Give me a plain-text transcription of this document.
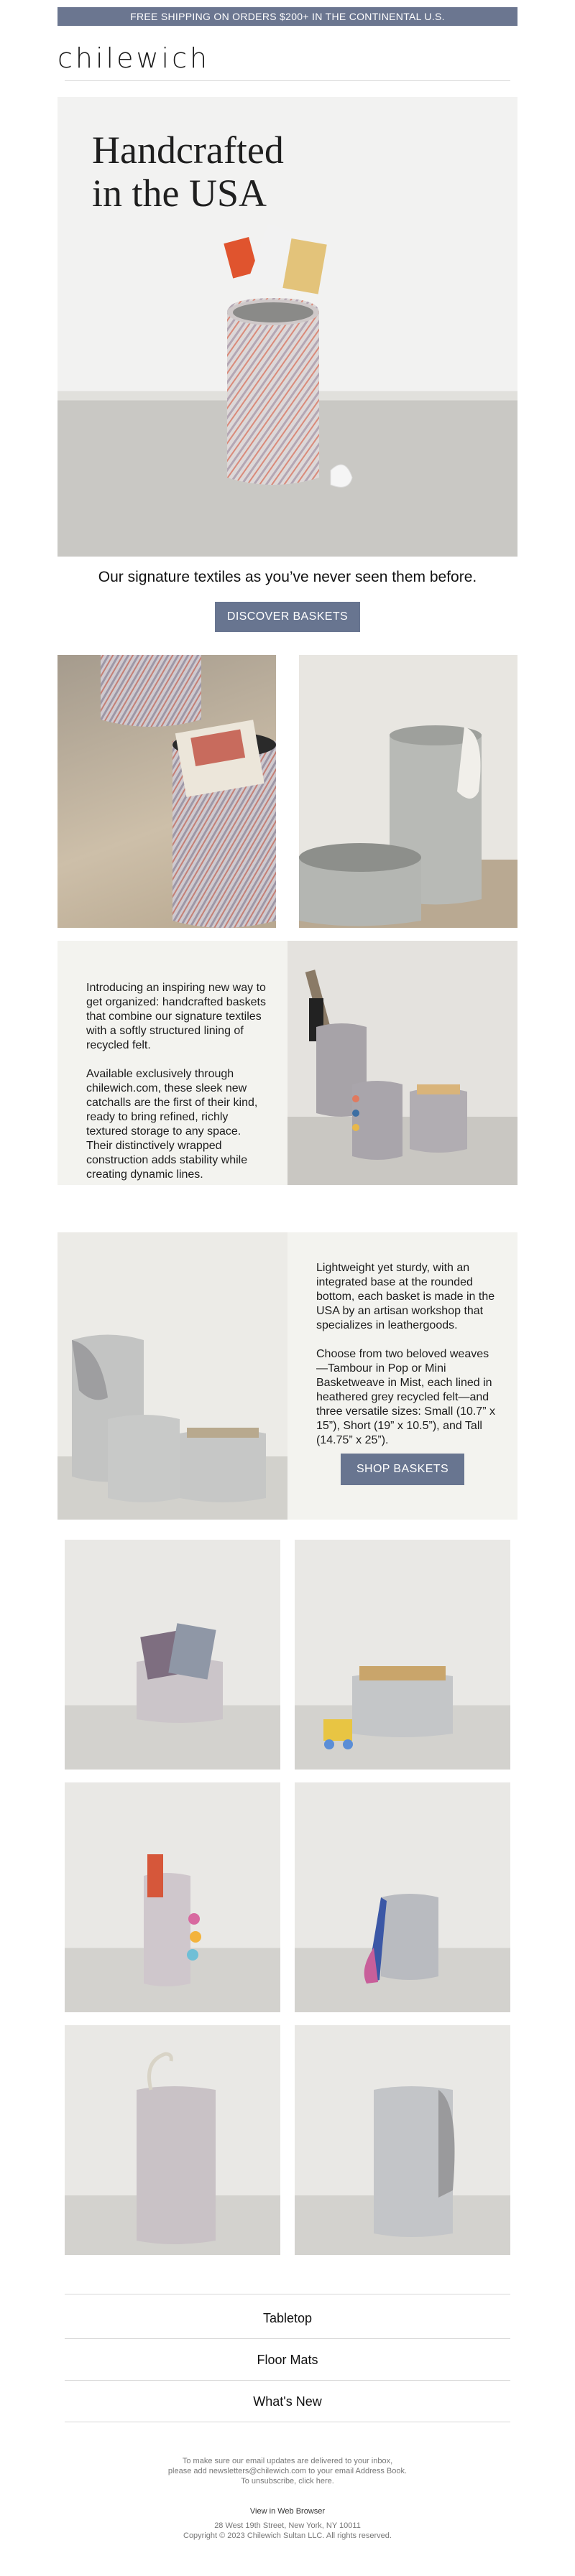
FREE SHIPPING ON ORDERS $200+ IN THE CONTINENTAL U.S.
chilewich
Handcrafted
in the USA
Our signature textiles as you’ve never seen them before.
DISCOVER BASKETS

Introducing an inspiring new way to get organized: handcrafted baskets that combine our signature textiles with a softly structured lining of recycled felt.

Available exclusively through chilewich.com, these sleek new catchalls are the first of their kind, ready to bring refined, richly textured storage to any space. Their distinctively wrapped construction adds stability while creating dynamic lines.

Lightweight yet sturdy, with an integrated base at the rounded bottom, each basket is made in the USA by an artisan workshop that specializes in leathergoods.

Choose from two beloved weaves—Tambour in Pop or Mini Basketweave in Mist, each lined in heathered grey recycled felt—and three versatile sizes: Small (10.7” x 15”), Short (19” x 10.5”), and Tall (14.75” x 25”).

SHOP BASKETS
Tabletop
Floor Mats
What's New
To make sure our email updates are delivered to your inbox,
please add newsletters@chilewich.com to your email Address Book.
To unsubscribe, click here.
View in Web Browser
28 West 19th Street, New York, NY 10011
Copyright © 2023 Chilewich Sultan LLC. All rights reserved.
